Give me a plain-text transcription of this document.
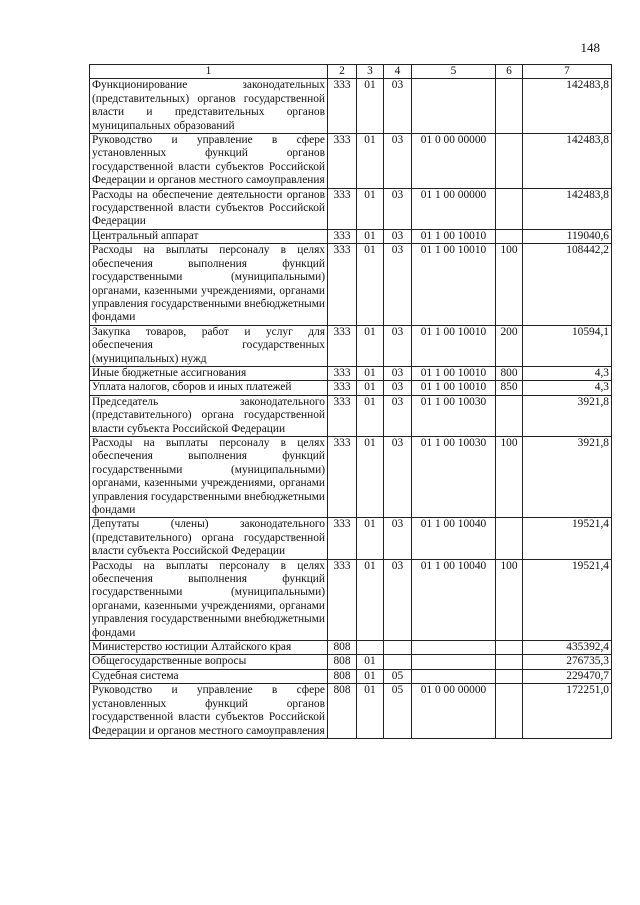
148
1	2	3	4	5	6	7
Функционирование законодательных (представительных) органов государственной власти и представительных органов муниципальных образований	333	01	03			142483,8
Руководство и управление в сфере установленных функций органов государственной власти субъектов Российской Федерации и органов местного самоуправления	333	01	03	01 0 00 00000		142483,8
Расходы на обеспечение деятельности органов государственной власти субъектов Российской Федерации	333	01	03	01 1 00 00000		142483,8
Центральный аппарат	333	01	03	01 1 00 10010		119040,6
Расходы на выплаты персоналу в целях обеспечения выполнения функций государственными (муниципальными) органами, казенными учреждениями, органами управления государственными внебюджетными фондами	333	01	03	01 1 00 10010	100	108442,2
Закупка товаров, работ и услуг для обеспечения государственных (муниципальных) нужд	333	01	03	01 1 00 10010	200	10594,1
Иные бюджетные ассигнования	333	01	03	01 1 00 10010	800	4,3
Уплата налогов, сборов и иных платежей	333	01	03	01 1 00 10010	850	4,3
Председатель законодательного (представительного) органа государственной власти субъекта Российской Федерации	333	01	03	01 1 00 10030		3921,8
Расходы на выплаты персоналу в целях обеспечения выполнения функций государственными (муниципальными) органами, казенными учреждениями, органами управления государственными внебюджетными фондами	333	01	03	01 1 00 10030	100	3921,8
Депутаты (члены) законодательного (представительного) органа государственной власти субъекта Российской Федерации	333	01	03	01 1 00 10040		19521,4
Расходы на выплаты персоналу в целях обеспечения выполнения функций государственными (муниципальными) органами, казенными учреждениями, органами управления государственными внебюджетными фондами	333	01	03	01 1 00 10040	100	19521,4
Министерство юстиции Алтайского края	808					435392,4
Общегосударственные вопросы	808	01				276735,3
Судебная система	808	01	05			229470,7
Руководство и управление в сфере установленных функций органов государственной власти субъектов Российской Федерации и органов местного самоуправления	808	01	05	01 0 00 00000		172251,0
